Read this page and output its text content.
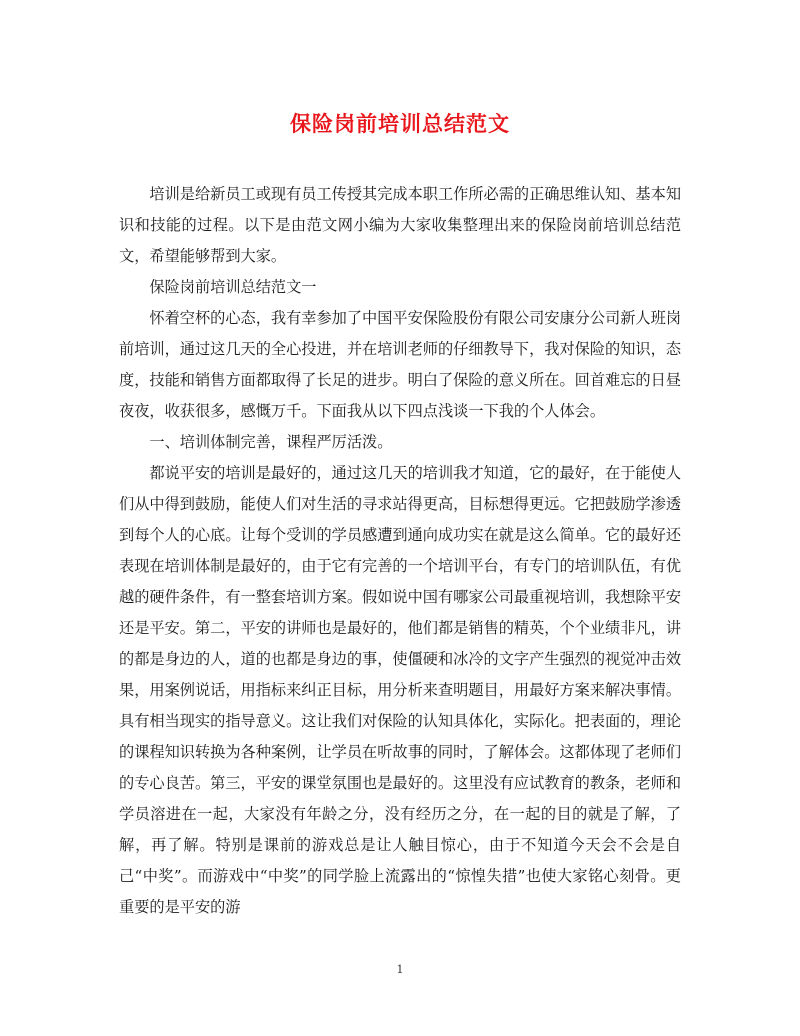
保险岗前培训总结范文

培训是给新员工或现有员工传授其完成本职工作所必需的正确思维认知、基本知识和技能的过程。以下是由范文网小编为大家收集整理出来的保险岗前培训总结范文，希望能够帮到大家。

保险岗前培训总结范文一

怀着空杯的心态，我有幸参加了中国平安保险股份有限公司安康分公司新人班岗前培训，通过这几天的全心投进，并在培训老师的仔细教导下，我对保险的知识，态度，技能和销售方面都取得了长足的进步。明白了保险的意义所在。回首难忘的日昼夜夜，收获很多，感慨万千。下面我从以下四点浅谈一下我的个人体会。

一、培训体制完善，课程严厉活泼。

都说平安的培训是最好的，通过这几天的培训我才知道，它的最好，在于能使人们从中得到鼓励，能使人们对生活的寻求站得更高，目标想得更远。它把鼓励学渗透到每个人的心底。让每个受训的学员感遭到通向成功实在就是这么简单。它的最好还表现在培训体制是最好的，由于它有完善的一个培训平台，有专门的培训队伍，有优越的硬件条件，有一整套培训方案。假如说中国有哪家公司最重视培训，我想除平安还是平安。第二，平安的讲师也是最好的，他们都是销售的精英，个个业绩非凡，讲的都是身边的人，道的也都是身边的事，使僵硬和冰冷的文字产生强烈的视觉冲击效果，用案例说话，用指标来纠正目标，用分析来查明题目，用最好方案来解决事情。具有相当现实的指导意义。这让我们对保险的认知具体化，实际化。把表面的，理论的课程知识转换为各种案例，让学员在听故事的同时，了解体会。这都体现了老师们的专心良苦。第三，平安的课堂氛围也是最好的。这里没有应试教育的教条，老师和学员溶进在一起，大家没有年龄之分，没有经历之分，在一起的目的就是了解，了解，再了解。特别是课前的游戏总是让人触目惊心，由于不知道今天会不会是自己“中奖”。而游戏中“中奖”的同学脸上流露出的“惊惶失措”也使大家铭心刻骨。更重要的是平安的游

1
